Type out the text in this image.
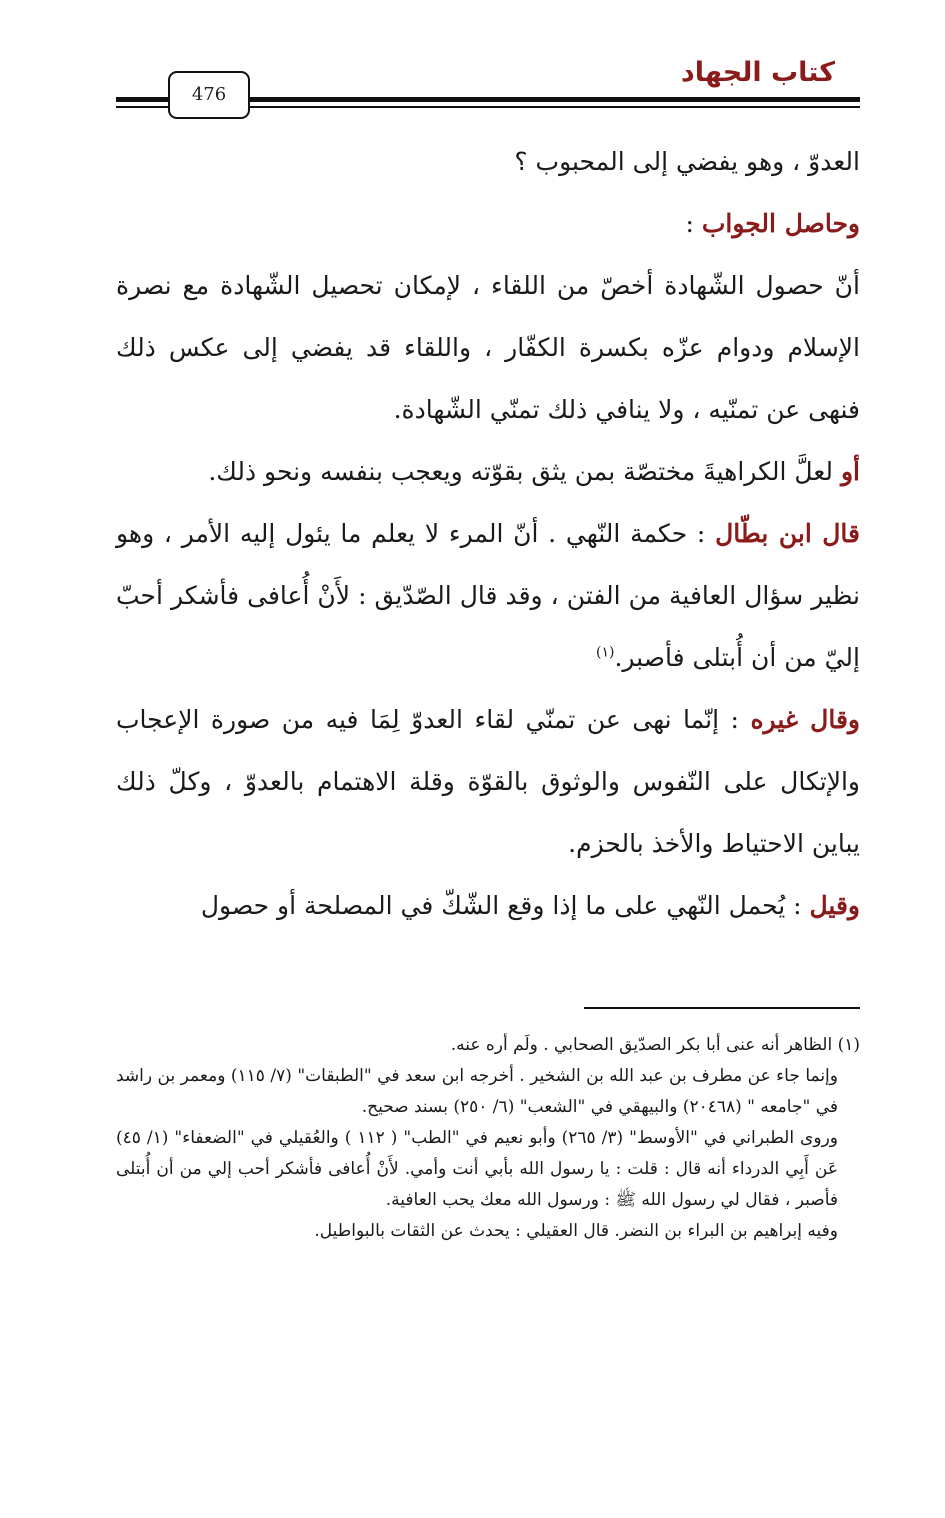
كتاب الجهاد
476

العدوّ ، وهو يفضي إلى المحبوب ؟

وحاصل الجواب :

أنّ حصول الشّهادة أخصّ من اللقاء ، لإمكان تحصيل الشّهادة مع نصرة الإسلام ودوام عزّه بكسرة الكفّار ، واللقاء قد يفضي إلى عكس ذلك فنهى عن تمنّيه ، ولا ينافي ذلك تمنّي الشّهادة.

أو لعلَّ الكراهيةَ مختصّة بمن يثق بقوّته ويعجب بنفسه ونحو ذلك.

قال ابن بطّال : حكمة النّهي . أنّ المرء لا يعلم ما يئول إليه الأمر ، وهو نظير سؤال العافية من الفتن ، وقد قال الصّدّيق : لأَنْ أُعافى فأشكر أحبّ إليّ من أن أُبتلى فأصبر.$^{(١)}$

وقال غيره : إنّما نهى عن تمنّي لقاء العدوّ لِمَا فيه من صورة الإعجاب والإتكال على النّفوس والوثوق بالقوّة وقلة الاهتمام بالعدوّ ، وكلّ ذلك يباين الاحتياط والأخذ بالحزم.

وقيل : يُحمل النّهي على ما إذا وقع الشّكّ في المصلحة أو حصول

(١) الظاهر أنه عنى أبا بكر الصدّيق الصحابي . ولَم أره عنه.

وإنما جاء عن مطرف بن عبد الله بن الشخير . أخرجه ابن سعد في "الطبقات" (٧/ ١١٥) ومعمر بن راشد في "جامعه " (٢٠٤٦٨) والبيهقي في "الشعب" (٦/ ٢٥٠) بسند صحيح.

وروى الطبراني في "الأوسط" (٣/ ٢٦٥) وأبو نعيم في "الطب" ( ١١٢ ) والعُقيلي في "الضعفاء" (١/ ٤٥) عَن أَبِي الدرداء أنه قال : قلت : يا رسول الله بأبي أنت وأمي. لأَنْ أُعافى فأشكر أحب إلي من أن أُبتلى فأصبر ، فقال لي رسول الله ﷺ : ورسول الله معك يحب العافية.

وفيه إبراهيم بن البراء بن النضر. قال العقيلي : يحدث عن الثقات بالبواطيل.
